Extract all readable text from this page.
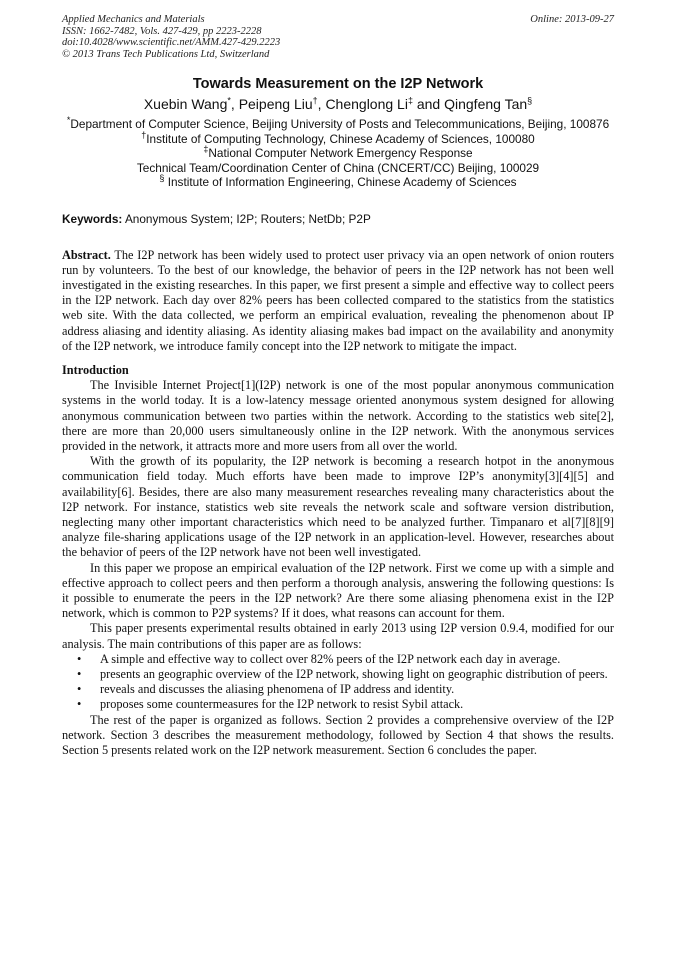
Applied Mechanics and Materials
ISSN: 1662-7482, Vols. 427-429, pp 2223-2228
doi:10.4028/www.scientific.net/AMM.427-429.2223
© 2013 Trans Tech Publications Ltd, Switzerland
Online: 2013-09-27
Towards Measurement on the I2P Network
Xuebin Wang*, Peipeng Liu†, Chenglong Li‡ and Qingfeng Tan§
*Department of Computer Science, Beijing University of Posts and Telecommunications, Beijing, 100876
†Institute of Computing Technology, Chinese Academy of Sciences, 100080
‡National Computer Network Emergency Response
Technical Team/Coordination Center of China (CNCERT/CC) Beijing, 100029
§ Institute of Information Engineering, Chinese Academy of Sciences
Keywords: Anonymous System; I2P; Routers; NetDb; P2P

Abstract. The I2P network has been widely used to protect user privacy via an open network of onion routers run by volunteers. To the best of our knowledge, the behavior of peers in the I2P network has not been well investigated in the existing researches. In this paper, we first present a simple and effective way to collect peers in the I2P network. Each day over 82% peers has been collected compared to the statistics from the statistics web site. With the data collected, we perform an empirical evaluation, revealing the phenomenon about IP address aliasing and identity aliasing. As identity aliasing makes bad impact on the availability and anonymity of the I2P network, we introduce family concept into the I2P network to mitigate the impact.

Introduction

The Invisible Internet Project[1](I2P) network is one of the most popular anonymous communication systems in the world today. It is a low-latency message oriented anonymous system designed for allowing anonymous communication between two parties within the network. According to the statistics web site[2], there are more than 20,000 users simultaneously online in the I2P network. With the anonymous services provided in the network, it attracts more and more users from all over the world.

With the growth of its popularity, the I2P network is becoming a research hotpot in the anonymous communication field today. Much efforts have been made to improve I2P’s anonymity[3][4][5] and availability[6]. Besides, there are also many measurement researches revealing many characteristics about the I2P network. For instance, statistics web site reveals the network scale and software version distribution, neglecting many other important characteristics which need to be analyzed further. Timpanaro et al[7][8][9] analyze file-sharing applications usage of the I2P network in an application-level. However, researches about the behavior of peers of the I2P network have not been well investigated.

In this paper we propose an empirical evaluation of the I2P network. First we come up with a simple and effective approach to collect peers and then perform a thorough analysis, answering the following questions: Is it possible to enumerate the peers in the I2P network? Are there some aliasing phenomena exist in the I2P network, which is common to P2P systems? If it does, what reasons can account for them.

This paper presents experimental results obtained in early 2013 using I2P version 0.9.4, modified for our analysis. The main contributions of this paper are as follows:

• A simple and effective way to collect over 82% peers of the I2P network each day in average.
• presents an geographic overview of the I2P network, showing light on geographic distribution of peers.
• reveals and discusses the aliasing phenomena of IP address and identity.
• proposes some countermeasures for the I2P network to resist Sybil attack.

The rest of the paper is organized as follows. Section 2 provides a comprehensive overview of the I2P network. Section 3 describes the measurement methodology, followed by Section 4 that shows the results. Section 5 presents related work on the I2P network measurement. Section 6 concludes the paper.
